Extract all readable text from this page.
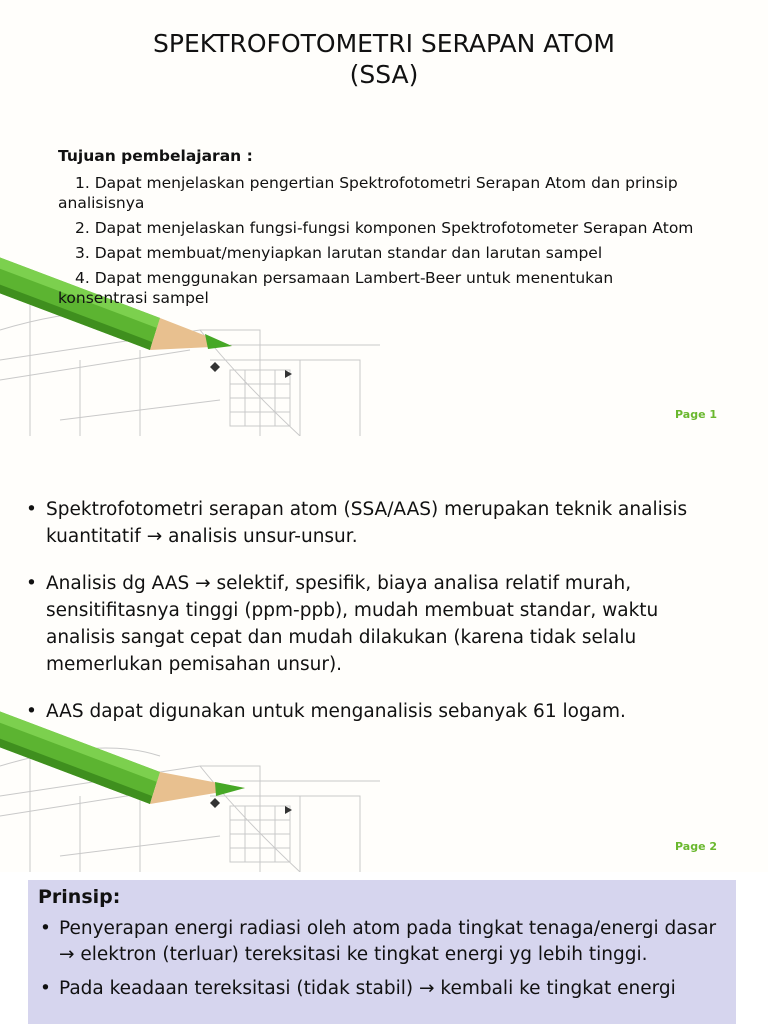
SPEKTROFOTOMETRI SERAPAN ATOM
(SSA)
Tujuan pembelajaran :
1. Dapat menjelaskan pengertian Spektrofotometri Serapan Atom dan prinsip analisisnya
2. Dapat menjelaskan fungsi-fungsi komponen Spektrofotometer Serapan Atom
3. Dapat membuat/menyiapkan larutan standar dan larutan sampel
4. Dapat menggunakan persamaan Lambert-Beer untuk menentukan konsentrasi sampel
Page 1
• Spektrofotometri serapan atom (SSA/AAS) merupakan teknik analisis kuantitatif → analisis unsur-unsur.
• Analisis dg AAS → selektif, spesifik, biaya analisa relatif murah, sensitifitasnya tinggi (ppm-ppb), mudah membuat standar, waktu analisis sangat cepat dan mudah dilakukan (karena tidak selalu memerlukan pemisahan unsur).
• AAS dapat digunakan untuk menganalisis sebanyak 61 logam.
Page 2
Prinsip:
• Penyerapan energi radiasi oleh atom pada tingkat tenaga/energi dasar → elektron (terluar) tereksitasi ke tingkat energi yg lebih tinggi.
• Pada keadaan tereksitasi (tidak stabil) → kembali ke tingkat energi
